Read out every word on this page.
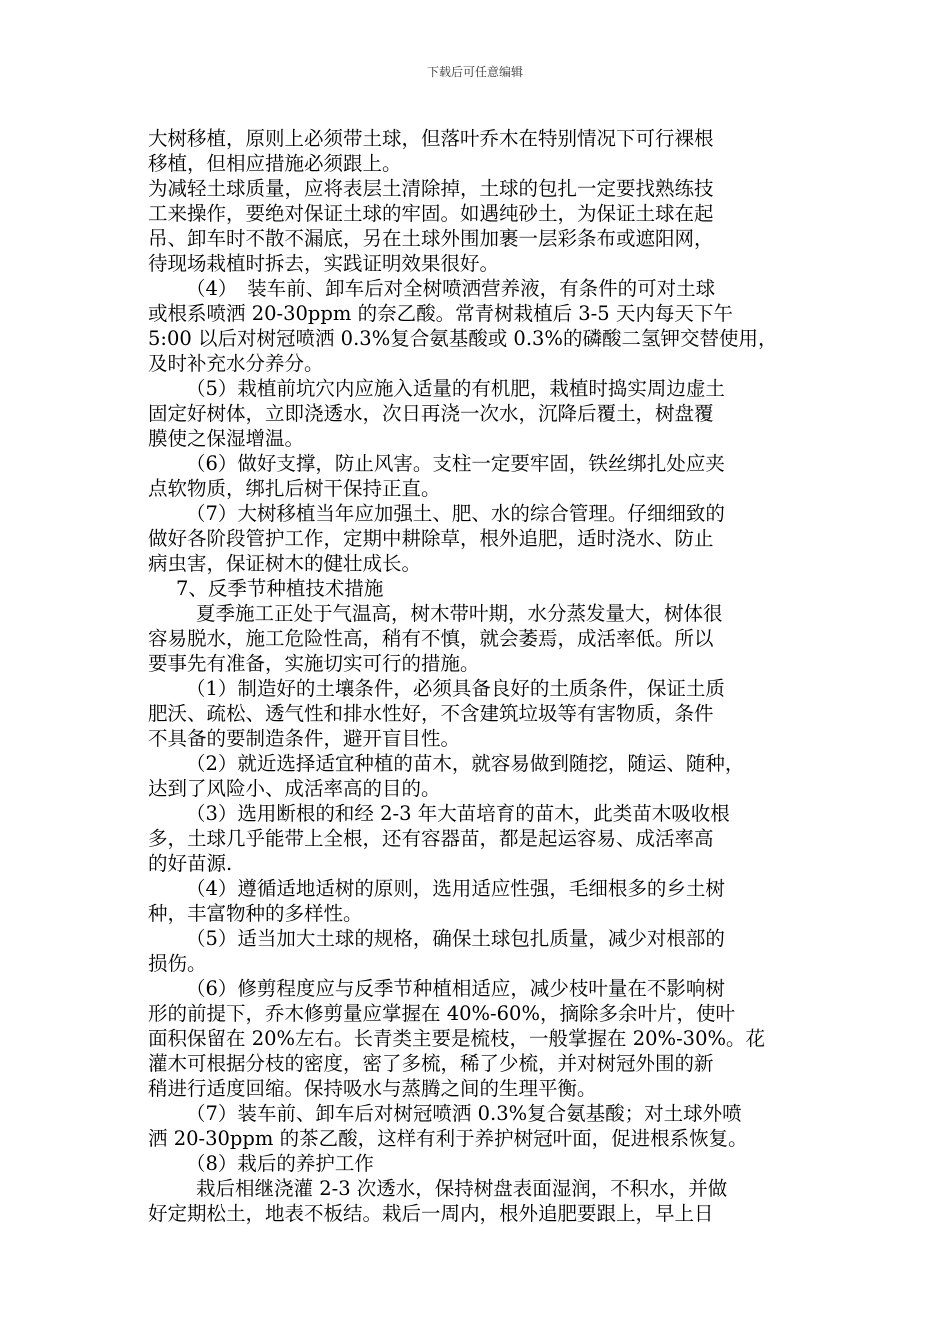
下载后可任意编辑
大树移植，原则上必须带土球，但落叶乔木在特别情况下可行裸根
移植，但相应措施必须跟上。
为减轻土球质量，应将表层土清除掉，土球的包扎一定要找熟练技
工来操作，要绝对保证土球的牢固。如遇纯砂土，为保证土球在起
吊、卸车时不散不漏底，另在土球外围加裹一层彩条布或遮阳网，
待现场栽植时拆去，实践证明效果很好。
（4）　装车前、卸车后对全树喷洒营养液，有条件的可对土球
或根系喷洒 20-30ppm 的奈乙酸。常青树栽植后 3-5 天内每天下午
5:00 以后对树冠喷洒 0.3%复合氨基酸或 0.3%的磷酸二氢钾交替使用，
及时补充水分养分。
（5）栽植前坑穴内应施入适量的有机肥，栽植时捣实周边虚土
固定好树体，立即浇透水，次日再浇一次水，沉降后覆土，树盘覆
膜使之保湿增温。
（6）做好支撑，防止风害。支柱一定要牢固，铁丝绑扎处应夹
点软物质，绑扎后树干保持正直。
（7）大树移植当年应加强土、肥、水的综合管理。仔细细致的
做好各阶段管护工作，定期中耕除草，根外追肥，适时浇水、防止
病虫害，保证树木的健壮成长。
7、反季节种植技术措施
夏季施工正处于气温高，树木带叶期，水分蒸发量大，树体很
容易脱水，施工危险性高，稍有不慎，就会萎焉，成活率低。所以
要事先有准备，实施切实可行的措施。
（1）制造好的土壤条件，必须具备良好的土质条件，保证土质
肥沃、疏松、透气性和排水性好，不含建筑垃圾等有害物质，条件
不具备的要制造条件，避开盲目性。
（2）就近选择适宜种植的苗木，就容易做到随挖，随运、随种，
达到了风险小、成活率高的目的。
（3）选用断根的和经 2-3 年大苗培育的苗木，此类苗木吸收根
多，土球几乎能带上全根，还有容器苗，都是起运容易、成活率高
的好苗源.
（4）遵循适地适树的原则，选用适应性强，毛细根多的乡土树
种，丰富物种的多样性。
（5）适当加大土球的规格，确保土球包扎质量，减少对根部的
损伤。
（6）修剪程度应与反季节种植相适应，减少枝叶量在不影响树
形的前提下，乔木修剪量应掌握在 40%-60%，摘除多余叶片，使叶
面积保留在 20%左右。长青类主要是梳枝，一般掌握在 20%-30%。花
灌木可根据分枝的密度，密了多梳，稀了少梳，并对树冠外围的新
稍进行适度回缩。保持吸水与蒸腾之间的生理平衡。
（7）装车前、卸车后对树冠喷洒 0.3%复合氨基酸；对土球外喷
洒 20-30ppm 的茶乙酸，这样有利于养护树冠叶面，促进根系恢复。
（8）栽后的养护工作
栽后相继浇灌 2-3 次透水，保持树盘表面湿润，不积水，并做
好定期松土，地表不板结。栽后一周内，根外追肥要跟上，早上日
